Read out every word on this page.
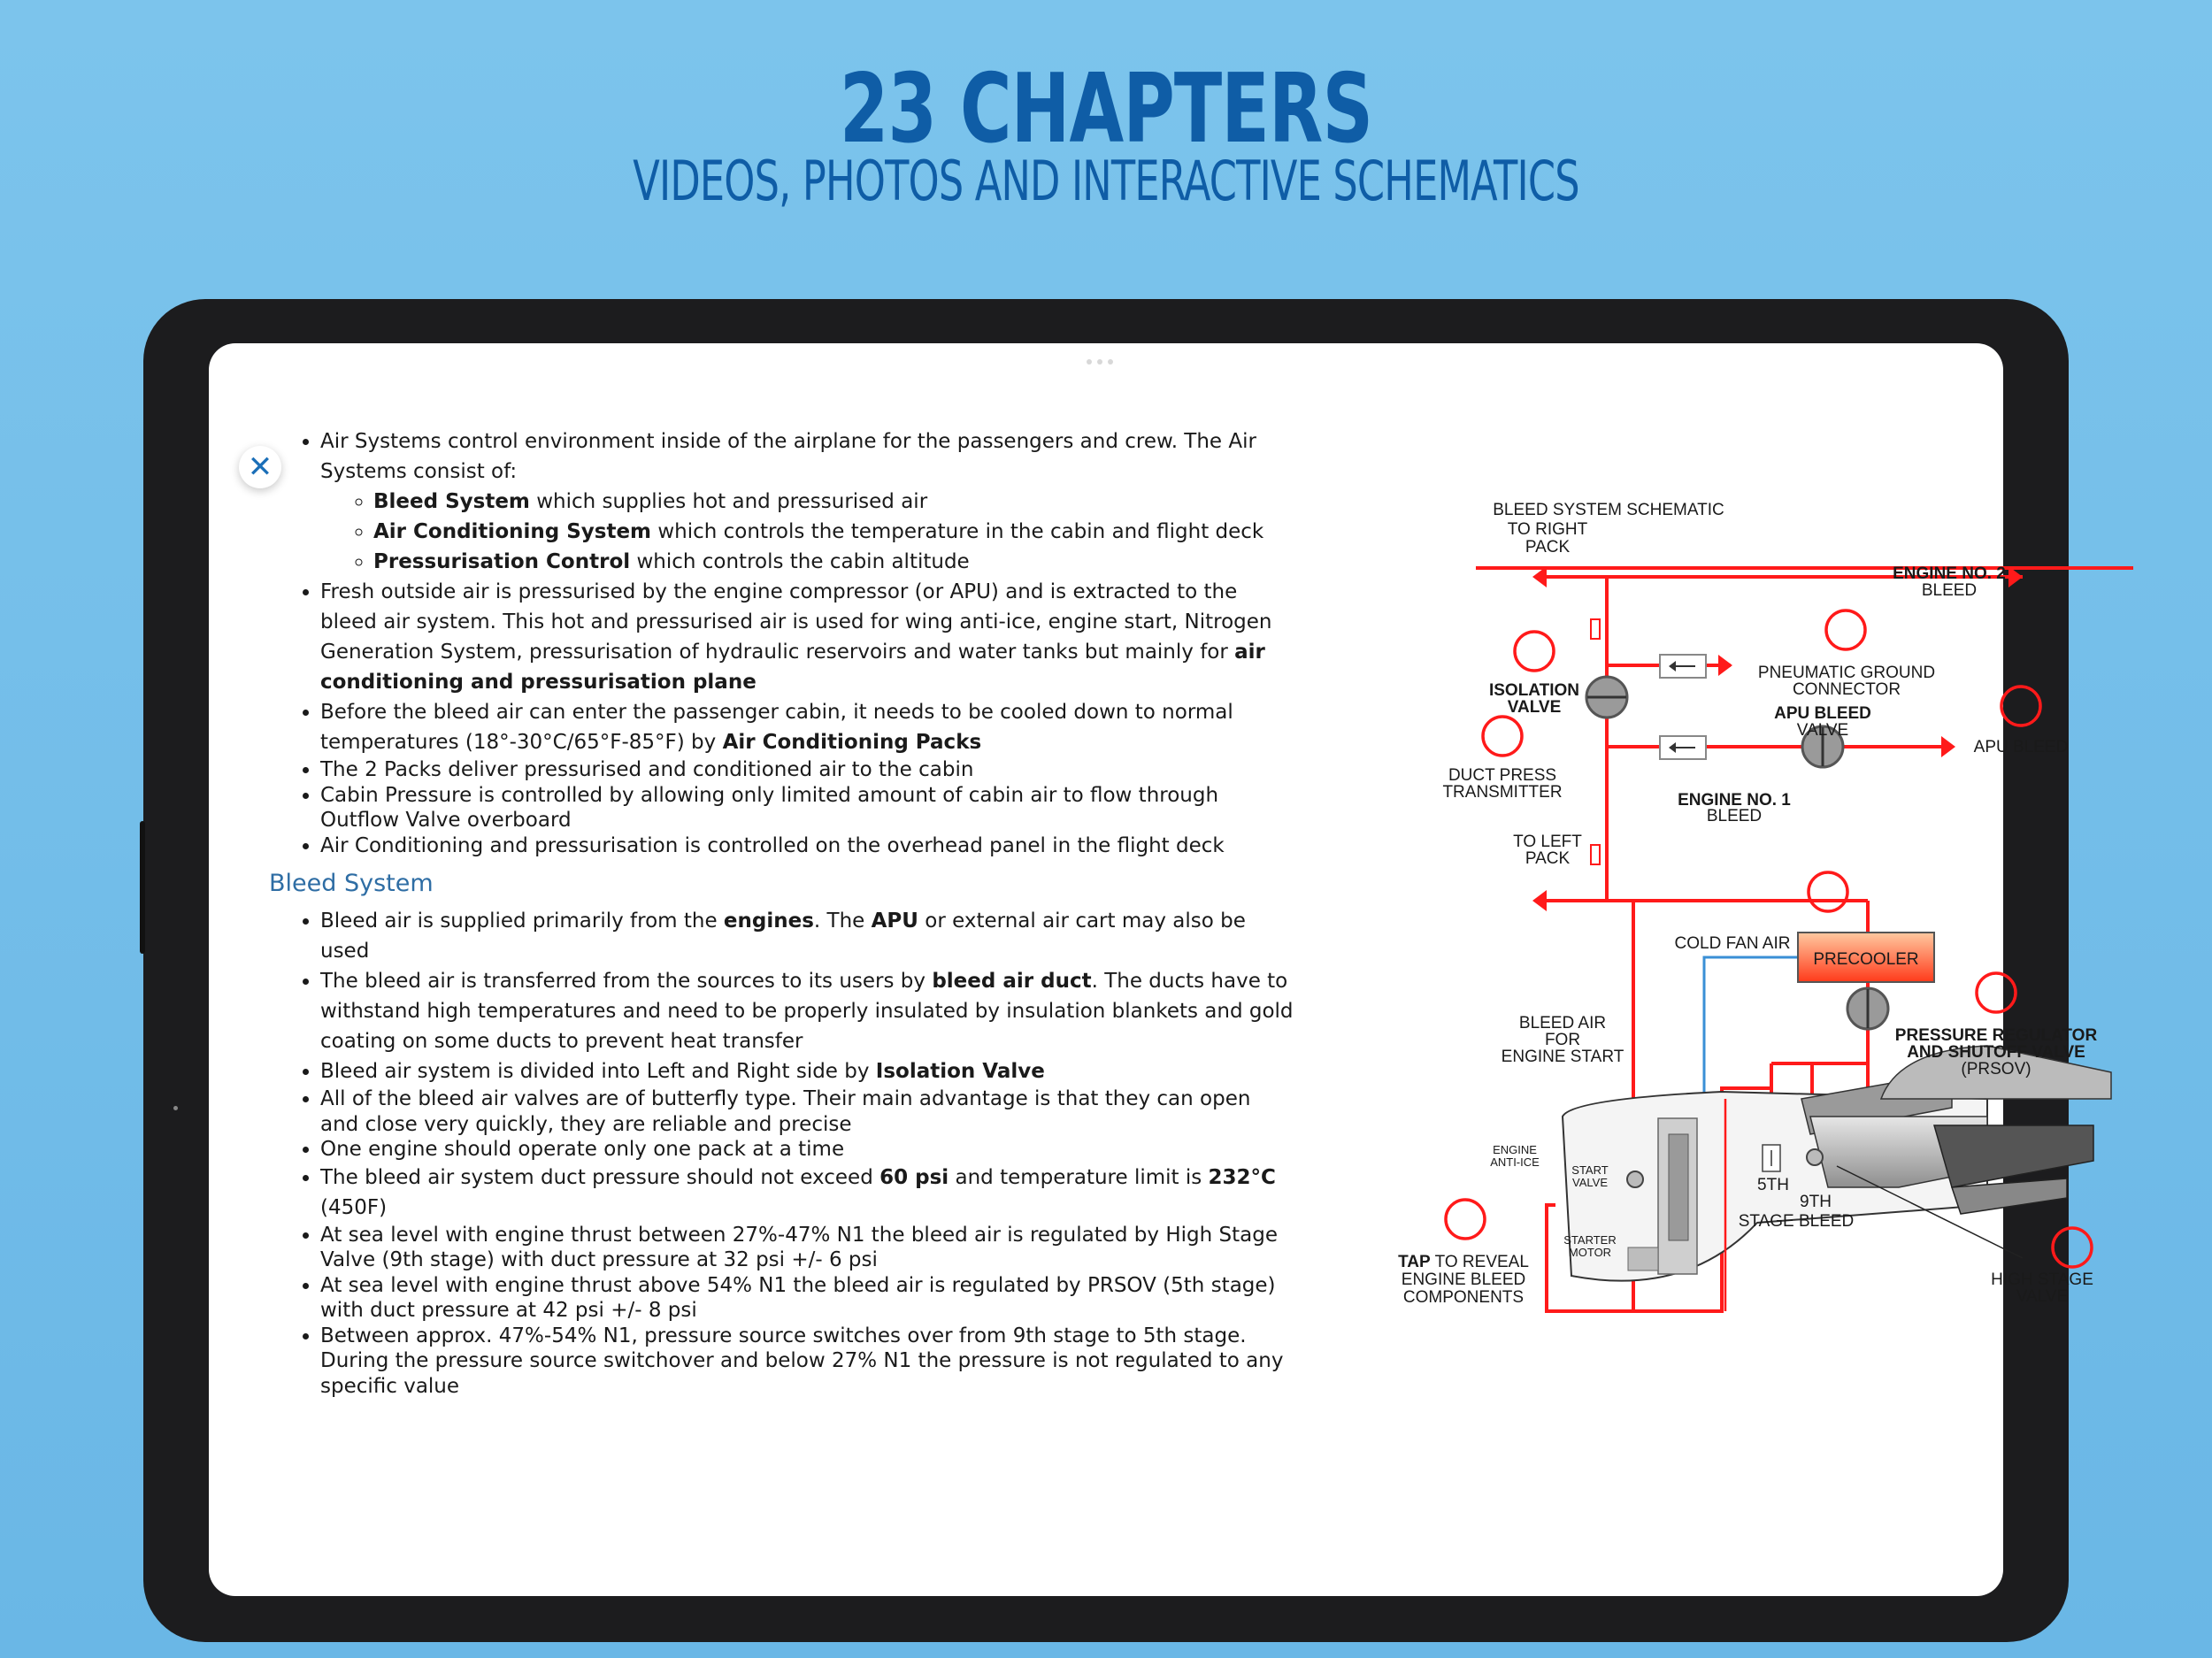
23 CHAPTERS
VIDEOS, PHOTOS AND INTERACTIVE SCHEMATICS
✕
• Air Systems control environment inside of the airplane for the passengers and crew. The Air Systems consist of:
◦ Bleed System which supplies hot and pressurised air
◦ Air Conditioning System which controls the temperature in the cabin and flight deck
◦ Pressurisation Control which controls the cabin altitude
• Fresh outside air is pressurised by the engine compressor (or APU) and is extracted to the bleed air system. This hot and pressurised air is used for wing anti-ice, engine start, Nitrogen Generation System, pressurisation of hydraulic reservoirs and water tanks but mainly for air conditioning and pressurisation plane
• Before the bleed air can enter the passenger cabin, it needs to be cooled down to normal temperatures (18°-30°C/65°F-85°F) by Air Conditioning Packs
• The 2 Packs deliver pressurised and conditioned air to the cabin
• Cabin Pressure is controlled by allowing only limited amount of cabin air to flow through Outflow Valve overboard
• Air Conditioning and pressurisation is controlled on the overhead panel in the flight deck
Bleed System
• Bleed air is supplied primarily from the engines. The APU or external air cart may also be used
• The bleed air is transferred from the sources to its users by bleed air duct. The ducts have to withstand high temperatures and need to be properly insulated by insulation blankets and gold coating on some ducts to prevent heat transfer
• Bleed air system is divided into Left and Right side by Isolation Valve
• All of the bleed air valves are of butterfly type. Their main advantage is that they can open and close very quickly, they are reliable and precise
• One engine should operate only one pack at a time
• The bleed air system duct pressure should not exceed 60 psi and temperature limit is 232°C (450F)
• At sea level with engine thrust between 27%-47% N1 the bleed air is regulated by High Stage Valve (9th stage) with duct pressure at 32 psi +/- 6 psi
• At sea level with engine thrust above 54% N1 the bleed air is regulated by PRSOV (5th stage) with duct pressure at 42 psi +/- 8 psi
• Between approx. 47%-54% N1, pressure source switches over from 9th stage to 5th stage. During the pressure source switchover and below 27% N1 the pressure is not regulated to any specific value
BLEED SYSTEM SCHEMATIC
PRECOOLER
TO RIGHT
PACK
ENGINE NO. 2
BLEED
PNEUMATIC GROUND
CONNECTOR
ISOLATION
VALVE	APU BLEED
VALVE
APU BLEED
DUCT PRESS
TRANSMITTER	ENGINE NO. 1
BLEED
TO LEFT
PACK
COLD FAN AIR
PRESSURE REGULATOR
AND SHUTOFF VALVE
(PRSOV)
BLEED AIR
FOR
ENGINE START
ENGINE
ANTI-ICE
START
VALVE
STARTER
MOTOR
5TH
9TH
STAGE BLEED
TAP TO REVEAL
ENGINE BLEED
COMPONENTS
HIGH STAGE
VALVE
